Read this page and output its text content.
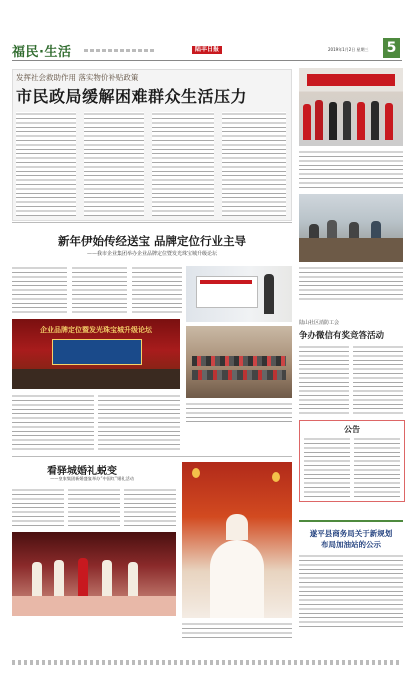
福民·生活	陆丰日报	2019年1月2日 星期三 5
发挥社会救助作用 落实物价补贴政策
市民政局缓解困难群众生活压力
陆山社区消防工会
争办微信有奖竞答活动
公告
遂平县商务局关于新规划
布局加油站的公示
新年伊始传经送宝 品牌定位行业主导
——我市企业集团举办企业品牌定位暨发光珠宝城升级论坛
企业品牌定位暨发光珠宝城升级论坛
看驿城婚礼蜕变
——皇家集团新婚盛宴举办“中国红”婚礼活动
